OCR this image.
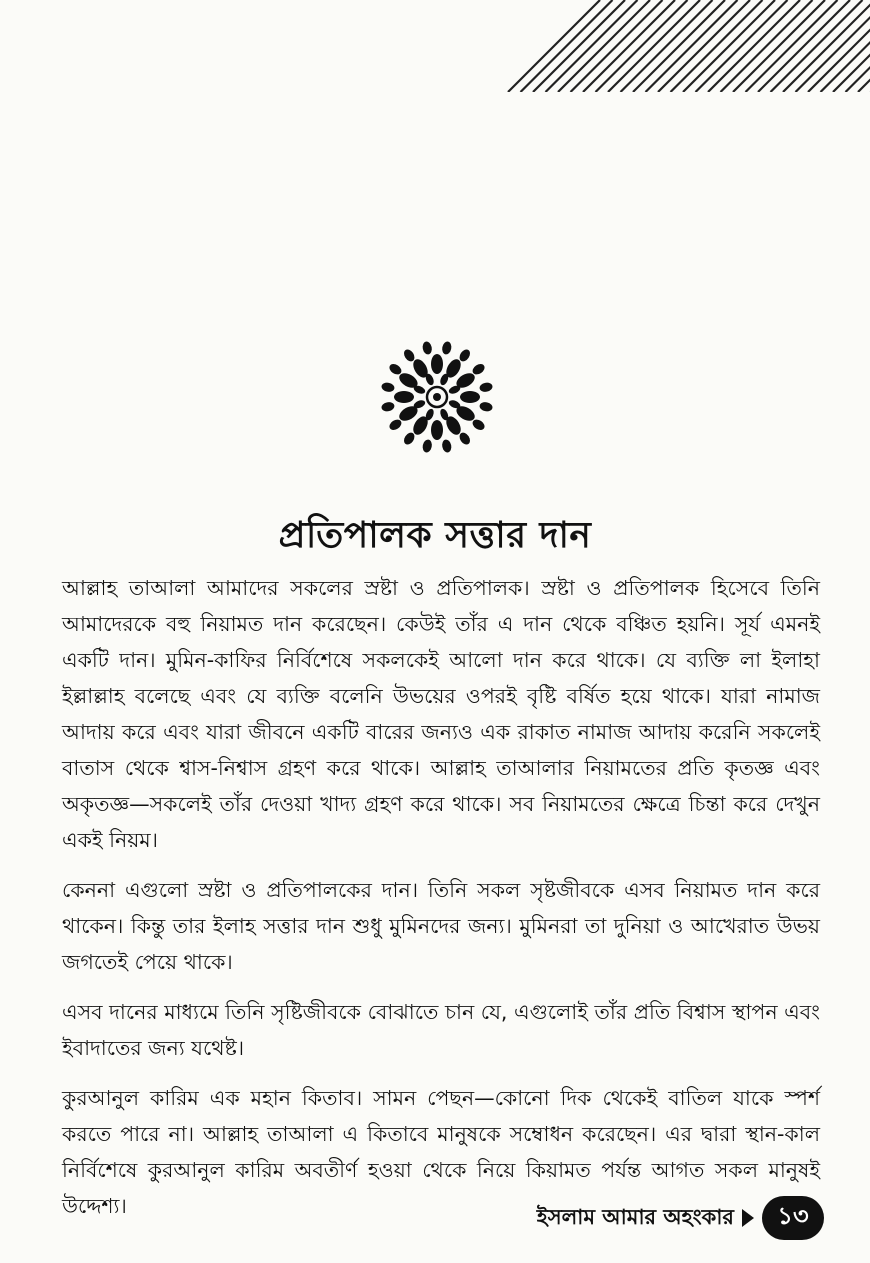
প্রতিপালক সত্তার দান

আল্লাহ তাআলা আমাদের সকলের স্রষ্টা ও প্রতিপালক। স্রষ্টা ও প্রতিপালক হিসেবে তিনি আমাদেরকে বহু নিয়ামত দান করেছেন। কেউই তাঁর এ দান থেকে বঞ্চিত হয়নি। সূর্য এমনই একটি দান। মুমিন-কাফির নির্বিশেষে সকলকেই আলো দান করে থাকে। যে ব্যক্তি লা ইলাহা ইল্লাল্লাহ বলেছে এবং যে ব্যক্তি বলেনি উভয়ের ওপরই বৃষ্টি বর্ষিত হয়ে থাকে। যারা নামাজ আদায় করে এবং যারা জীবনে একটি বারের জন্যও এক রাকাত নামাজ আদায় করেনি সকলেই বাতাস থেকে শ্বাস-নিশ্বাস গ্রহণ করে থাকে। আল্লাহ তাআলার নিয়ামতের প্রতি কৃতজ্ঞ এবং অকৃতজ্ঞ—সকলেই তাঁর দেওয়া খাদ্য গ্রহণ করে থাকে। সব নিয়ামতের ক্ষেত্রে চিন্তা করে দেখুন একই নিয়ম।

কেননা এগুলো স্রষ্টা ও প্রতিপালকের দান। তিনি সকল সৃষ্টজীবকে এসব নিয়ামত দান করে থাকেন। কিন্তু তার ইলাহ সত্তার দান শুধু মুমিনদের জন্য। মুমিনরা তা দুনিয়া ও আখেরাত উভয় জগতেই পেয়ে থাকে।

এসব দানের মাধ্যমে তিনি সৃষ্টিজীবকে বোঝাতে চান যে, এগুলোই তাঁর প্রতি বিশ্বাস স্থাপন এবং ইবাদাতের জন্য যথেষ্ট।

কুরআনুল কারিম এক মহান কিতাব। সামন পেছন—কোনো দিক থেকেই বাতিল যাকে স্পর্শ করতে পারে না। আল্লাহ তাআলা এ কিতাবে মানুষকে সম্বোধন করেছেন। এর দ্বারা স্থান-কাল নির্বিশেষে কুরআনুল কারিম অবতীর্ণ হওয়া থেকে নিয়ে কিয়ামত পর্যন্ত আগত সকল মানুষই উদ্দেশ্য।	ইসলাম আমার অহংকার	১৩
